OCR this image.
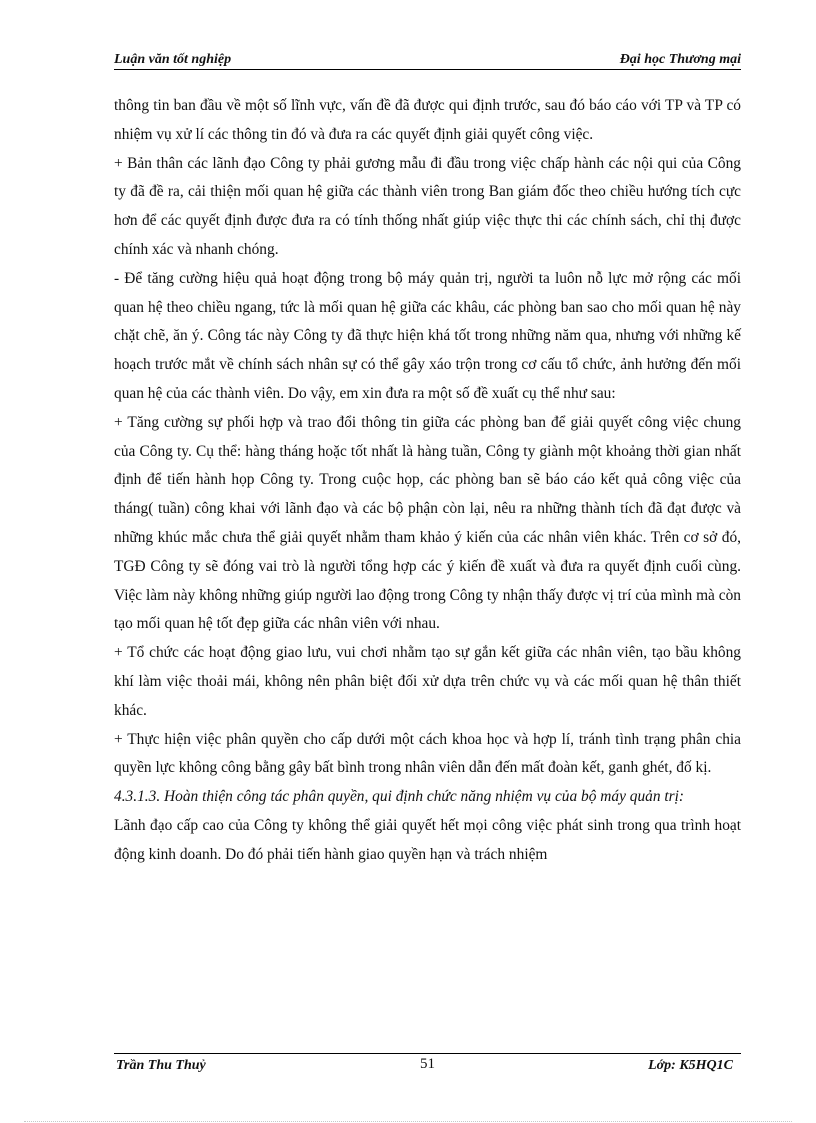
Luận văn tốt nghiệp	Đại học Thương mại

thông tin ban đầu về một số lĩnh vực, vấn đề đã được qui định trước, sau đó báo cáo với TP và TP có nhiệm vụ xử lí các thông tin đó và đưa ra các quyết định giải quyết công việc.

+ Bản thân các lãnh đạo Công ty phải gương mẫu đi đầu trong việc chấp hành các nội qui của Công ty đã đề ra, cải thiện mối quan hệ giữa các thành viên trong Ban giám đốc theo chiều hướng tích cực hơn để các quyết định được đưa ra có tính thống nhất giúp việc thực thi các chính sách, chỉ thị được chính xác và nhanh chóng.

- Để tăng cường hiệu quả hoạt động trong bộ máy quản trị, người ta luôn nỗ lực mở rộng các mối quan hệ theo chiều ngang, tức là mối quan hệ giữa các khâu, các phòng ban sao cho mối quan hệ này chặt chẽ, ăn ý. Công tác này Công ty đã thực hiện khá tốt trong những năm qua, nhưng với những kế hoạch trước mắt về chính sách nhân sự có thể gây xáo trộn trong cơ cấu tổ chức, ảnh hưởng đến mối quan hệ của các thành viên. Do vậy, em xin đưa ra một số đề xuất cụ thể như sau:

+ Tăng cường sự phối hợp và trao đổi thông tin giữa các phòng ban để giải quyết công việc chung của Công ty. Cụ thể: hàng tháng hoặc tốt nhất là hàng tuần, Công ty giành một khoảng thời gian nhất định để tiến hành họp Công ty. Trong cuộc họp, các phòng ban sẽ báo cáo kết quả công việc của tháng( tuần) công khai với lãnh đạo và các bộ phận còn lại, nêu ra những thành tích đã đạt được và những khúc mắc chưa thể giải quyết nhằm tham khảo ý kiến của các nhân viên khác. Trên cơ sở đó, TGĐ Công ty sẽ đóng vai trò là người tổng hợp các ý kiến đề xuất và đưa ra quyết định cuối cùng. Việc làm này không những giúp người lao động trong Công ty nhận thấy được vị trí của mình mà còn tạo mối quan hệ tốt đẹp giữa các nhân viên với nhau.

+ Tổ chức các hoạt động giao lưu, vui chơi nhằm tạo sự gắn kết giữa các nhân viên, tạo bầu không khí làm việc thoải mái, không nên phân biệt đối xử dựa trên chức vụ và các mối quan hệ thân thiết khác.

+ Thực hiện việc phân quyền cho cấp dưới một cách khoa học và hợp lí, tránh tình trạng phân chia quyền lực không công bằng gây bất bình trong nhân viên dẫn đến mất đoàn kết, ganh ghét, đố kị.

4.3.1.3. Hoàn thiện công tác phân quyền, qui định chức năng nhiệm vụ của bộ máy quản trị:

Lãnh đạo cấp cao của Công ty không thể giải quyết hết mọi công việc phát sinh trong qua trình hoạt động kinh doanh. Do đó phải tiến hành giao quyền hạn và trách nhiệm

Trần Thu Thuỷ	51	Lớp: K5HQ1C
